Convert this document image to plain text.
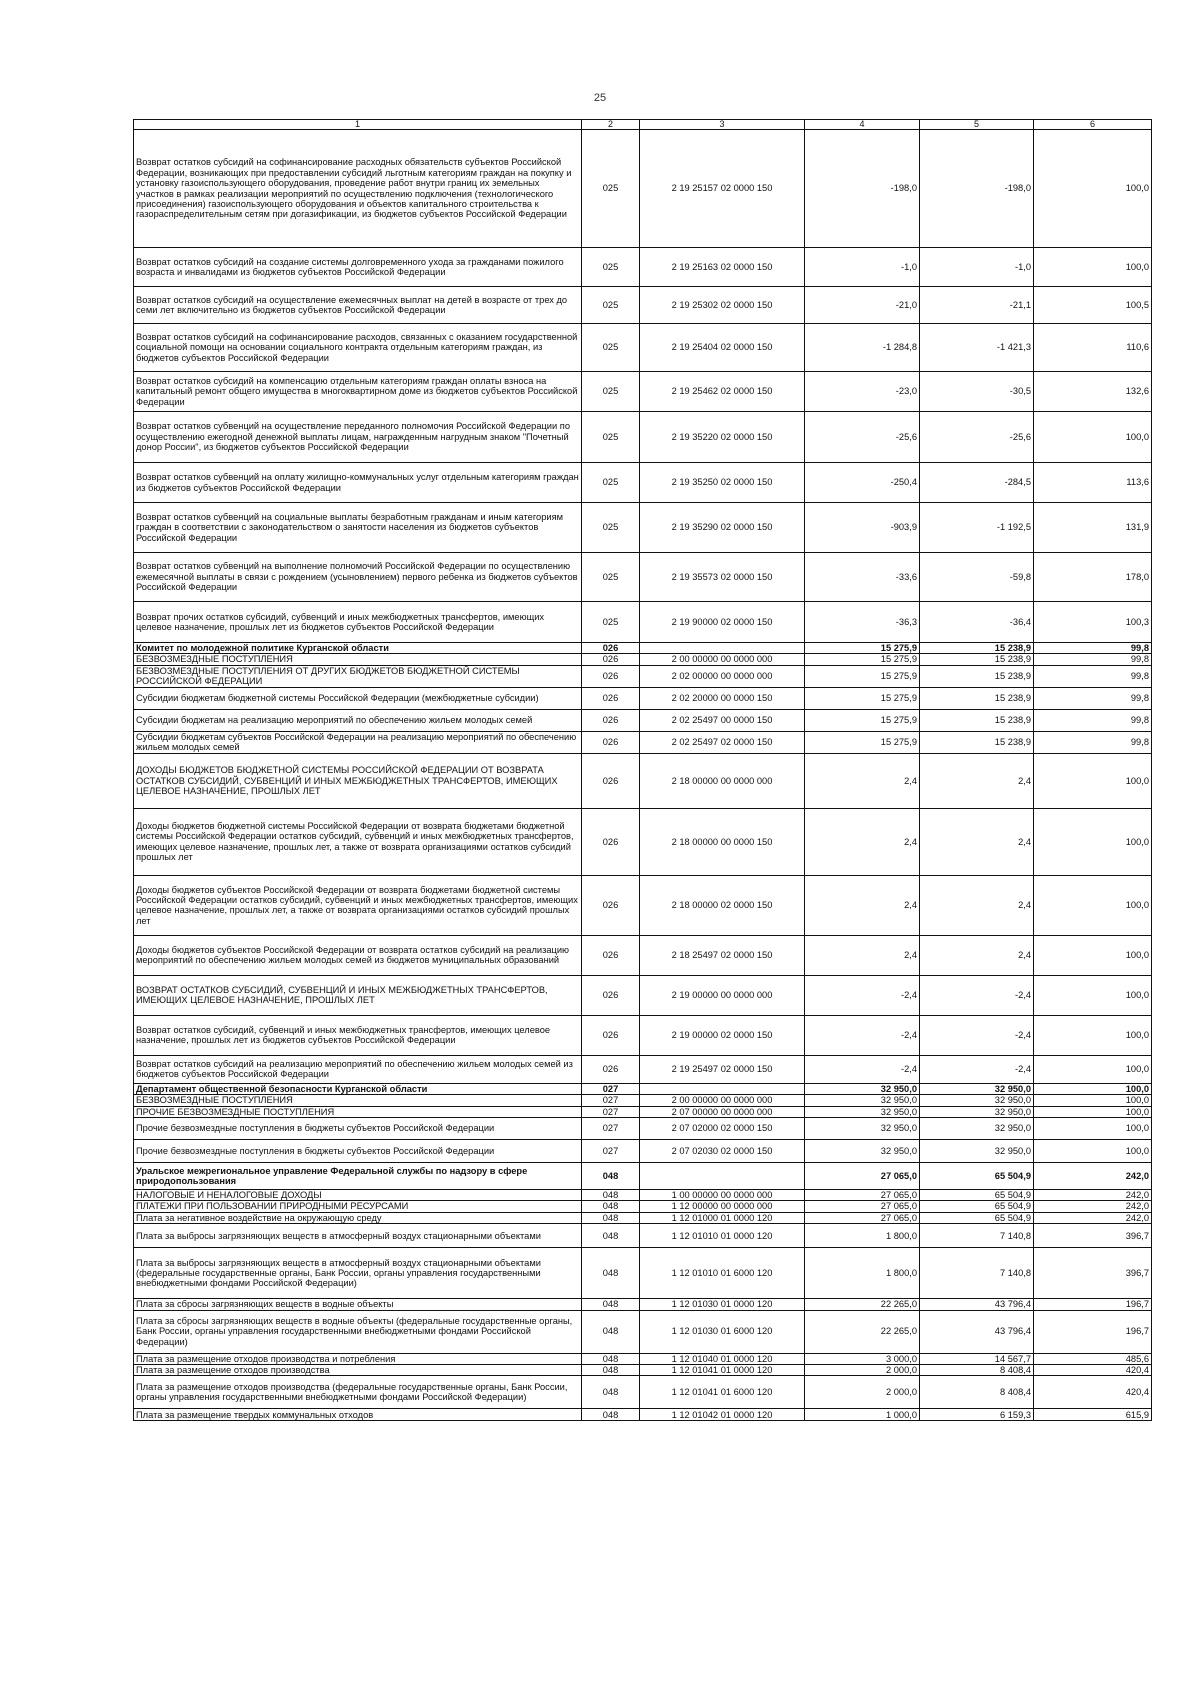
25
1	2	3	4	5	6
Возврат остатков субсидий на софинансирование расходных обязательств субъектов Российской Федерации, возникающих при предоставлении субсидий льготным категориям граждан на покупку и установку газоиспользующего оборудования, проведение работ внутри границ их земельных участков в рамках реализации мероприятий по осуществлению подключения (технологического присоединения) газоиспользующего оборудования и объектов капитального строительства к газораспределительным сетям при догазификации, из бюджетов субъектов Российской Федерации	025	2 19 25157 02 0000 150	-198,0	-198,0	100,0
Возврат остатков субсидий на создание системы долговременного ухода за гражданами пожилого возраста и инвалидами из бюджетов субъектов Российской Федерации	025	2 19 25163 02 0000 150	-1,0	-1,0	100,0
Возврат остатков субсидий на осуществление ежемесячных выплат на детей в возрасте от трех до семи лет включительно из бюджетов субъектов Российской Федерации	025	2 19 25302 02 0000 150	-21,0	-21,1	100,5
Возврат остатков субсидий на софинансирование расходов, связанных с оказанием государственной социальной помощи на основании социального контракта отдельным категориям граждан, из бюджетов субъектов Российской Федерации	025	2 19 25404 02 0000 150	-1 284,8	-1 421,3	110,6
Возврат остатков субсидий на компенсацию отдельным категориям граждан оплаты взноса на капитальный ремонт общего имущества в многоквартирном доме из бюджетов субъектов Российской Федерации	025	2 19 25462 02 0000 150	-23,0	-30,5	132,6
Возврат остатков субвенций на осуществление переданного полномочия Российской Федерации по осуществлению ежегодной денежной выплаты лицам, награжденным нагрудным знаком "Почетный донор России", из бюджетов субъектов Российской Федерации	025	2 19 35220 02 0000 150	-25,6	-25,6	100,0
Возврат остатков субвенций на оплату жилищно-коммунальных услуг отдельным категориям граждан из бюджетов субъектов Российской Федерации	025	2 19 35250 02 0000 150	-250,4	-284,5	113,6
Возврат остатков субвенций на социальные выплаты безработным гражданам и иным категориям граждан в соответствии с законодательством о занятости населения из бюджетов субъектов Российской Федерации	025	2 19 35290 02 0000 150	-903,9	-1 192,5	131,9
Возврат остатков субвенций на выполнение полномочий Российской Федерации по осуществлению ежемесячной выплаты в связи с рождением (усыновлением) первого ребенка из бюджетов субъектов Российской Федерации	025	2 19 35573 02 0000 150	-33,6	-59,8	178,0
Возврат прочих остатков субсидий, субвенций и иных межбюджетных трансфертов, имеющих целевое назначение, прошлых лет из бюджетов субъектов Российской Федерации	025	2 19 90000 02 0000 150	-36,3	-36,4	100,3
Комитет по молодежной политике Курганской области	026		15 275,9	15 238,9	99,8
БЕЗВОЗМЕЗДНЫЕ ПОСТУПЛЕНИЯ	026	2 00 00000 00 0000 000	15 275,9	15 238,9	99,8
БЕЗВОЗМЕЗДНЫЕ ПОСТУПЛЕНИЯ ОТ ДРУГИХ БЮДЖЕТОВ БЮДЖЕТНОЙ СИСТЕМЫ РОССИЙСКОЙ ФЕДЕРАЦИИ	026	2 02 00000 00 0000 000	15 275,9	15 238,9	99,8
Субсидии бюджетам бюджетной системы Российской Федерации (межбюджетные субсидии)	026	2 02 20000 00 0000 150	15 275,9	15 238,9	99,8
Субсидии бюджетам на реализацию мероприятий по обеспечению жильем молодых семей	026	2 02 25497 00 0000 150	15 275,9	15 238,9	99,8
Субсидии бюджетам субъектов Российской Федерации на реализацию мероприятий по обеспечению жильем молодых семей	026	2 02 25497 02 0000 150	15 275,9	15 238,9	99,8
ДОХОДЫ БЮДЖЕТОВ БЮДЖЕТНОЙ СИСТЕМЫ РОССИЙСКОЙ ФЕДЕРАЦИИ ОТ ВОЗВРАТА ОСТАТКОВ СУБСИДИЙ, СУБВЕНЦИЙ И ИНЫХ МЕЖБЮДЖЕТНЫХ ТРАНСФЕРТОВ, ИМЕЮЩИХ ЦЕЛЕВОЕ НАЗНАЧЕНИЕ, ПРОШЛЫХ ЛЕТ	026	2 18 00000 00 0000 000	2,4	2,4	100,0
Доходы бюджетов бюджетной системы Российской Федерации от возврата бюджетами бюджетной системы Российской Федерации остатков субсидий, субвенций и иных межбюджетных трансфертов, имеющих целевое назначение, прошлых лет, а также от возврата организациями остатков субсидий прошлых лет	026	2 18 00000 00 0000 150	2,4	2,4	100,0
Доходы бюджетов субъектов Российской Федерации от возврата бюджетами бюджетной системы Российской Федерации остатков субсидий, субвенций и иных межбюджетных трансфертов, имеющих целевое назначение, прошлых лет, а также от возврата организациями остатков субсидий прошлых лет	026	2 18 00000 02 0000 150	2,4	2,4	100,0
Доходы бюджетов субъектов Российской Федерации от возврата остатков субсидий на реализацию мероприятий по обеспечению жильем молодых семей из бюджетов муниципальных образований	026	2 18 25497 02 0000 150	2,4	2,4	100,0
ВОЗВРАТ ОСТАТКОВ СУБСИДИЙ, СУБВЕНЦИЙ И ИНЫХ МЕЖБЮДЖЕТНЫХ ТРАНСФЕРТОВ, ИМЕЮЩИХ ЦЕЛЕВОЕ НАЗНАЧЕНИЕ, ПРОШЛЫХ ЛЕТ	026	2 19 00000 00 0000 000	-2,4	-2,4	100,0
Возврат остатков субсидий, субвенций и иных межбюджетных трансфертов, имеющих целевое назначение, прошлых лет из бюджетов субъектов Российской Федерации	026	2 19 00000 02 0000 150	-2,4	-2,4	100,0
Возврат остатков субсидий на реализацию мероприятий по обеспечению жильем молодых семей из бюджетов субъектов Российской Федерации	026	2 19 25497 02 0000 150	-2,4	-2,4	100,0
Департамент общественной безопасности Курганской области	027		32 950,0	32 950,0	100,0
БЕЗВОЗМЕЗДНЫЕ ПОСТУПЛЕНИЯ	027	2 00 00000 00 0000 000	32 950,0	32 950,0	100,0
ПРОЧИЕ БЕЗВОЗМЕЗДНЫЕ ПОСТУПЛЕНИЯ	027	2 07 00000 00 0000 000	32 950,0	32 950,0	100,0
Прочие безвозмездные поступления в бюджеты субъектов Российской Федерации	027	2 07 02000 02 0000 150	32 950,0	32 950,0	100,0
Прочие безвозмездные поступления в бюджеты субъектов Российской Федерации	027	2 07 02030 02 0000 150	32 950,0	32 950,0	100,0
Уральское межрегиональное управление Федеральной службы по надзору в сфере природопользования	048		27 065,0	65 504,9	242,0
НАЛОГОВЫЕ И НЕНАЛОГОВЫЕ ДОХОДЫ	048	1 00 00000 00 0000 000	27 065,0	65 504,9	242,0
ПЛАТЕЖИ ПРИ ПОЛЬЗОВАНИИ ПРИРОДНЫМИ РЕСУРСАМИ	048	1 12 00000 00 0000 000	27 065,0	65 504,9	242,0
Плата за негативное воздействие на окружающую среду	048	1 12 01000 01 0000 120	27 065,0	65 504,9	242,0
Плата за выбросы загрязняющих веществ в атмосферный воздух стационарными объектами	048	1 12 01010 01 0000 120	1 800,0	7 140,8	396,7
Плата за выбросы загрязняющих веществ в атмосферный воздух стационарными объектами (федеральные государственные органы, Банк России, органы управления государственными внебюджетными фондами Российской Федерации)	048	1 12 01010 01 6000 120	1 800,0	7 140,8	396,7
Плата за сбросы загрязняющих веществ в водные объекты	048	1 12 01030 01 0000 120	22 265,0	43 796,4	196,7
Плата за сбросы загрязняющих веществ в водные объекты (федеральные государственные органы, Банк России, органы управления государственными внебюджетными фондами Российской Федерации)	048	1 12 01030 01 6000 120	22 265,0	43 796,4	196,7
Плата за размещение отходов производства и потребления	048	1 12 01040 01 0000 120	3 000,0	14 567,7	485,6
Плата за размещение отходов производства	048	1 12 01041 01 0000 120	2 000,0	8 408,4	420,4
Плата за размещение отходов производства (федеральные государственные органы, Банк России, органы управления государственными внебюджетными фондами Российской Федерации)	048	1 12 01041 01 6000 120	2 000,0	8 408,4	420,4
Плата за размещение твердых коммунальных отходов	048	1 12 01042 01 0000 120	1 000,0	6 159,3	615,9
